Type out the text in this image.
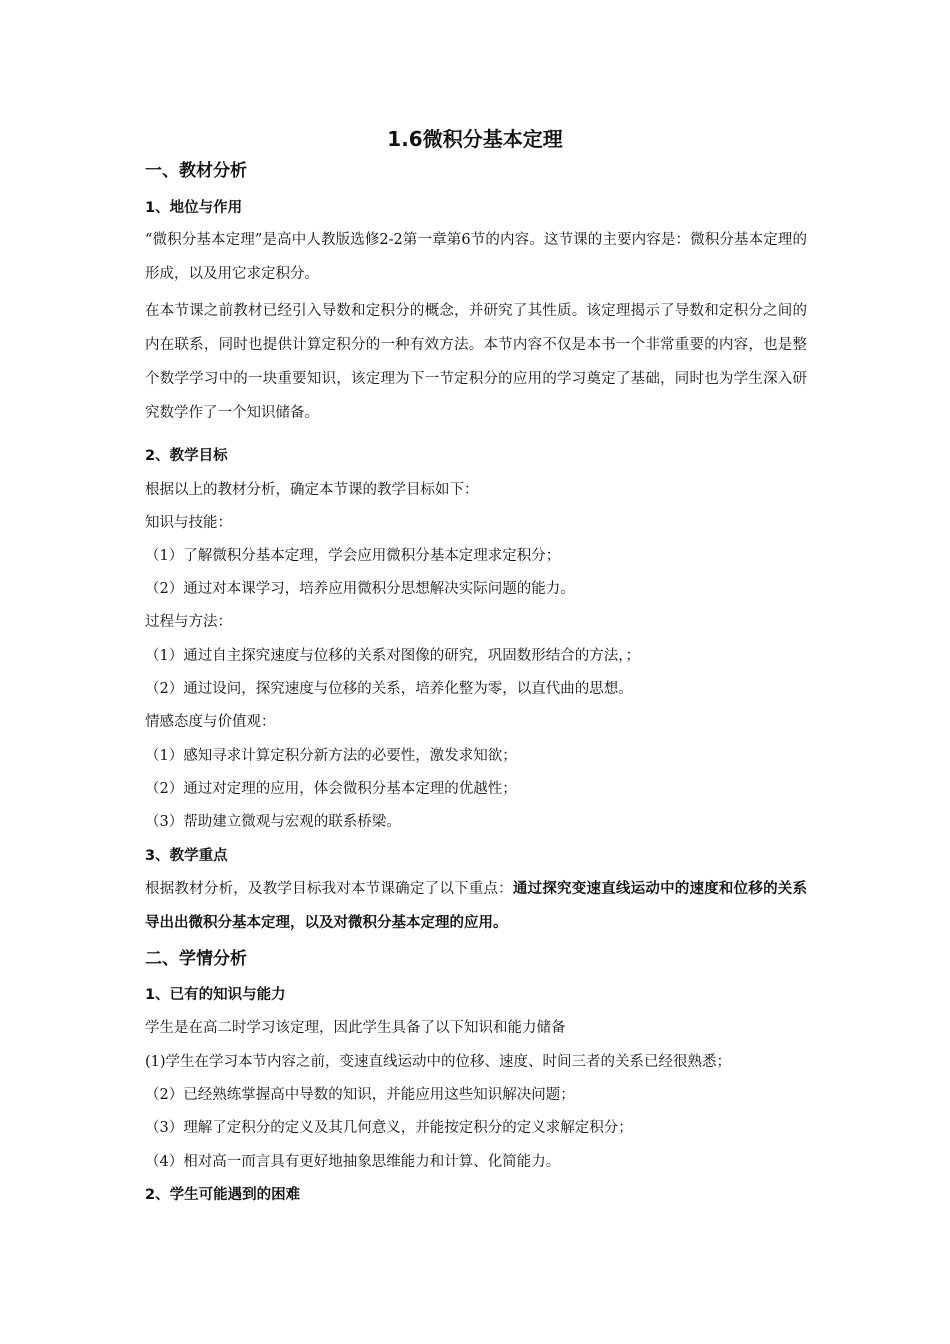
1.6微积分基本定理
一、教材分析
1、地位与作用
“微积分基本定理”是高中人教版选修2-2第一章第6节的内容。这节课的主要内容是：微积分基本定理的形成，以及用它求定积分。
在本节课之前教材已经引入导数和定积分的概念，并研究了其性质。该定理揭示了导数和定积分之间的内在联系，同时也提供计算定积分的一种有效方法。本节内容不仅是本书一个非常重要的内容，也是整个数学学习中的一块重要知识，该定理为下一节定积分的应用的学习奠定了基础，同时也为学生深入研究数学作了一个知识储备。
2、教学目标
根据以上的教材分析，确定本节课的教学目标如下：
知识与技能：
（1）了解微积分基本定理，学会应用微积分基本定理求定积分；
（2）通过对本课学习，培养应用微积分思想解决实际问题的能力。
过程与方法：
（1）通过自主探究速度与位移的关系对图像的研究，巩固数形结合的方法，；
（2）通过设问，探究速度与位移的关系，培养化整为零，以直代曲的思想。
情感态度与价值观：
（1）感知寻求计算定积分新方法的必要性，激发求知欲；
（2）通过对定理的应用，体会微积分基本定理的优越性；
（3）帮助建立微观与宏观的联系桥梁。
3、教学重点
根据教材分析，及教学目标我对本节课确定了以下重点：通过探究变速直线运动中的速度和位移的关系导出出微积分基本定理，以及对微积分基本定理的应用。
二、学情分析
1、已有的知识与能力
学生是在高二时学习该定理，因此学生具备了以下知识和能力储备
(1)学生在学习本节内容之前，变速直线运动中的位移、速度、时间三者的关系已经很熟悉；
（2）已经熟练掌握高中导数的知识，并能应用这些知识解决问题；
（3）理解了定积分的定义及其几何意义，并能按定积分的定义求解定积分；
（4）相对高一而言具有更好地抽象思维能力和计算、化简能力。
2、学生可能遇到的困难
